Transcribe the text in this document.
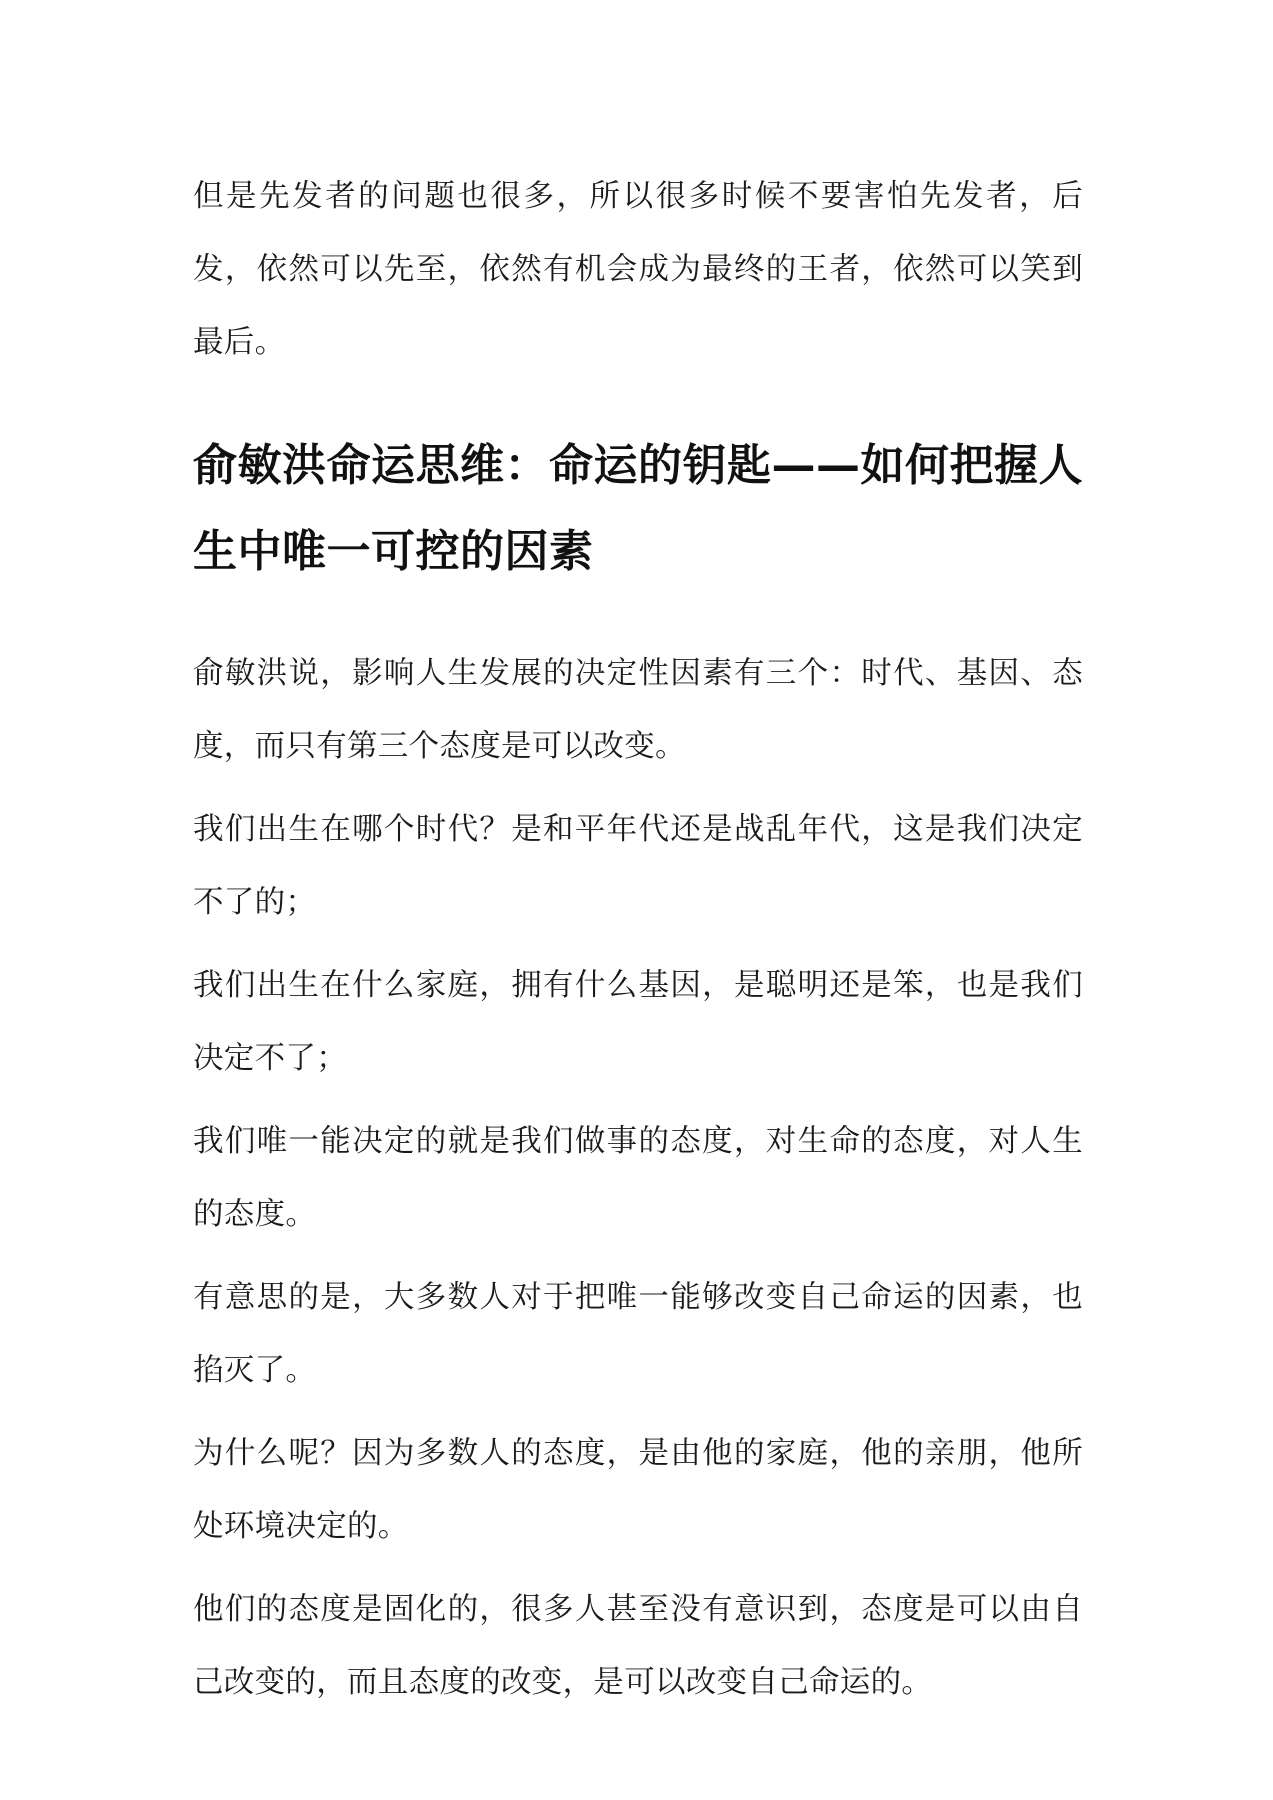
但是先发者的问题也很多，所以很多时候不要害怕先发者，后发，依然可以先至，依然有机会成为最终的王者，依然可以笑到最后。

俞敏洪命运思维：命运的钥匙——如何把握人生中唯一可控的因素

俞敏洪说，影响人生发展的决定性因素有三个：时代、基因、态度，而只有第三个态度是可以改变。

我们出生在哪个时代？是和平年代还是战乱年代，这是我们决定不了的；

我们出生在什么家庭，拥有什么基因，是聪明还是笨，也是我们决定不了；

我们唯一能决定的就是我们做事的态度，对生命的态度，对人生的态度。

有意思的是，大多数人对于把唯一能够改变自己命运的因素，也掐灭了。

为什么呢？因为多数人的态度，是由他的家庭，他的亲朋，他所处环境决定的。

他们的态度是固化的，很多人甚至没有意识到，态度是可以由自己改变的，而且态度的改变，是可以改变自己命运的。
